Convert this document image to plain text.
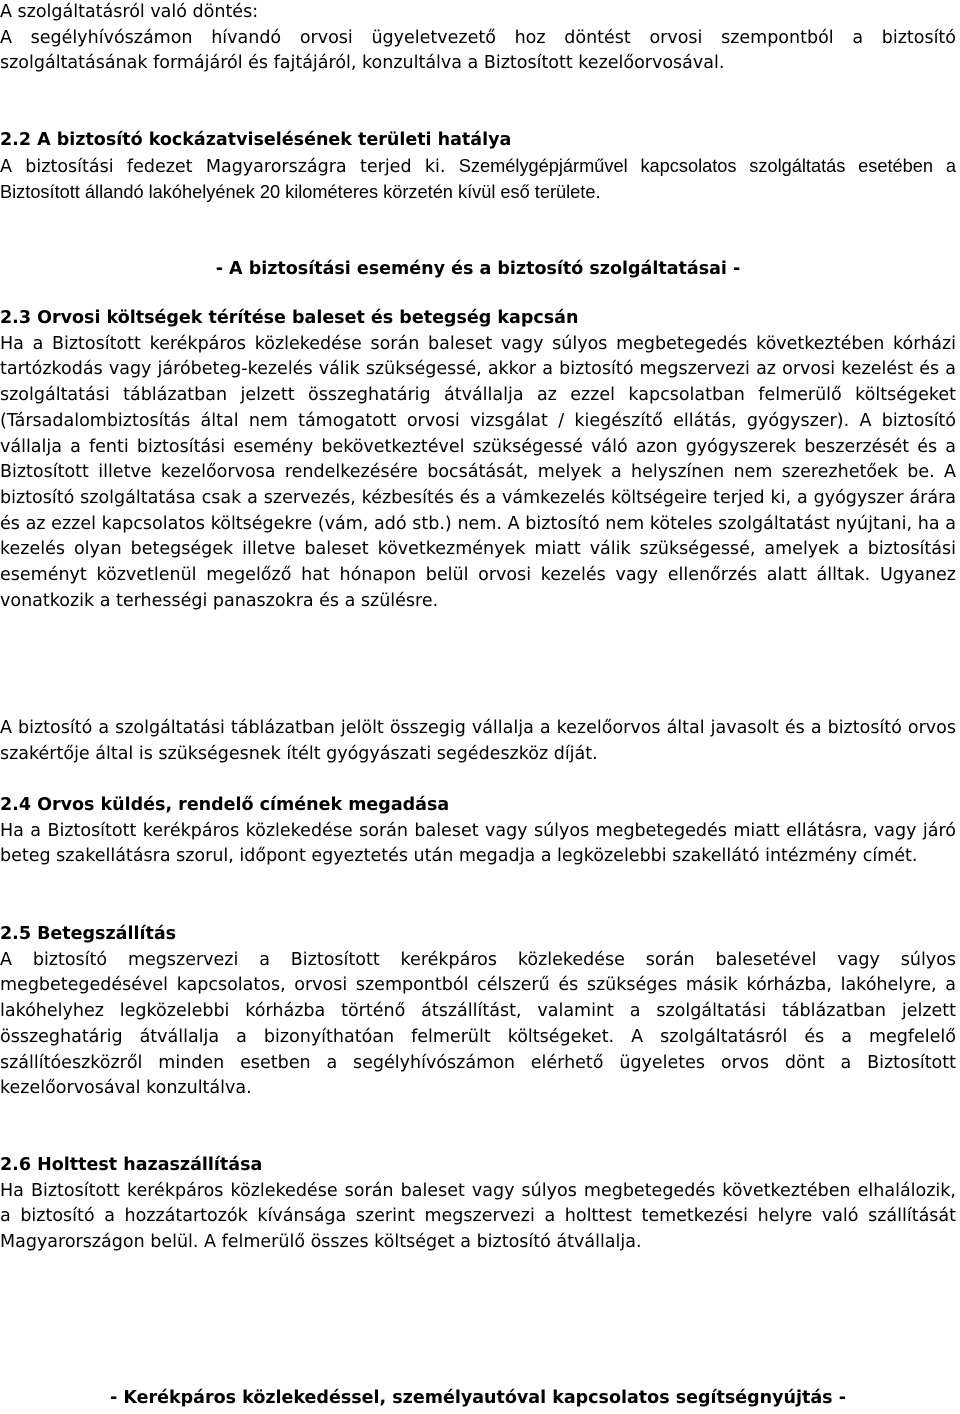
A szolgáltatásról való döntés:

A segélyhívószámon hívandó orvosi ügyeletvezető hoz döntést orvosi szempontból a biztosító szolgáltatásának formájáról és fajtájáról, konzultálva a Biztosított kezelőorvosával.

2.2 A biztosító kockázatviselésének területi hatálya

A biztosítási fedezet Magyarországra terjed ki. Személygépjárművel kapcsolatos szolgáltatás esetében a Biztosított állandó lakóhelyének 20 kilométeres körzetén kívül eső területe.

- A biztosítási esemény és a biztosító szolgáltatásai -

2.3 Orvosi költségek térítése baleset és betegség kapcsán

Ha a Biztosított kerékpáros közlekedése során baleset vagy súlyos megbetegedés következtében kórházi tartózkodás vagy járóbeteg-kezelés válik szükségessé, akkor a biztosító megszervezi az orvosi kezelést és a szolgáltatási táblázatban jelzett összeghatárig átvállalja az ezzel kapcsolatban felmerülő költségeket (Társadalombiztosítás által nem támogatott orvosi vizsgálat / kiegészítő ellátás, gyógyszer). A biztosító vállalja a fenti biztosítási esemény bekövetkeztével szükségessé váló azon gyógyszerek beszerzését és a Biztosított illetve kezelőorvosa rendelkezésére bocsátását, melyek a helyszínen nem szerezhetőek be. A biztosító szolgáltatása csak a szervezés, kézbesítés és a vámkezelés költségeire terjed ki, a gyógyszer árára és az ezzel kapcsolatos költségekre (vám, adó stb.) nem. A biztosító nem köteles szolgáltatást nyújtani, ha a kezelés olyan betegségek illetve baleset következmények miatt válik szükségessé, amelyek a biztosítási eseményt közvetlenül megelőző hat hónapon belül orvosi kezelés vagy ellenőrzés alatt álltak. Ugyanez vonatkozik a terhességi panaszokra és a szülésre.

A biztosító a szolgáltatási táblázatban jelölt összegig vállalja a kezelőorvos által javasolt és a biztosító orvos szakértője által is szükségesnek ítélt gyógyászati segédeszköz díját.

2.4 Orvos küldés, rendelő címének megadása

Ha a Biztosított kerékpáros közlekedése során baleset vagy súlyos megbetegedés miatt ellátásra, vagy járó beteg szakellátásra szorul, időpont egyeztetés után megadja a legközelebbi szakellátó intézmény címét.

2.5 Betegszállítás

A biztosító megszervezi a Biztosított kerékpáros közlekedése során balesetével vagy súlyos megbetegedésével kapcsolatos, orvosi szempontból célszerű és szükséges másik kórházba, lakóhelyre, a lakóhelyhez legközelebbi kórházba történő átszállítást, valamint a szolgáltatási táblázatban jelzett összeghatárig átvállalja a bizonyíthatóan felmerült költségeket. A szolgáltatásról és a megfelelő szállítóeszközről minden esetben a segélyhívószámon elérhető ügyeletes orvos dönt a Biztosított kezelőorvosával konzultálva.

2.6 Holttest hazaszállítása

Ha Biztosított kerékpáros közlekedése során baleset vagy súlyos megbetegedés következtében elhalálozik, a biztosító a hozzátartozók kívánsága szerint megszervezi a holttest temetkezési helyre való szállítását Magyarországon belül. A felmerülő összes költséget a biztosító átvállalja.

- Kerékpáros közlekedéssel, személyautóval kapcsolatos segítségnyújtás -
